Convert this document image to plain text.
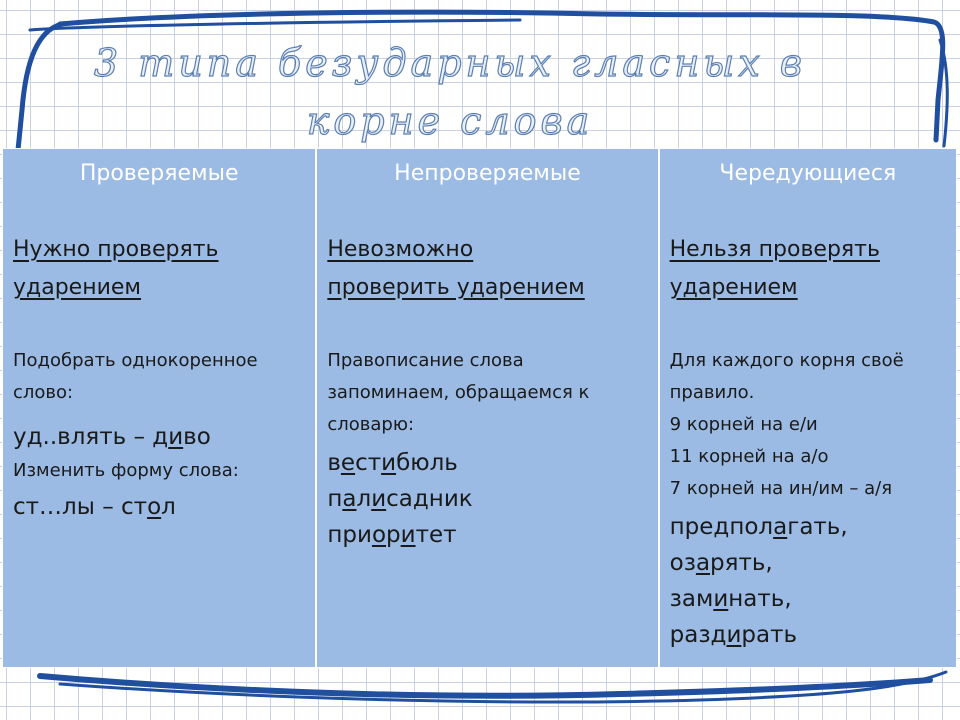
3 типа безударных гласных в
корне слова
Проверяемые
Нужно проверять
ударением
Подобрать однокоренное
слово:
уд..влять – диво
Изменить форму слова:
ст…лы – стол
Непроверяемые
Невозможно
проверить ударением
Правописание слова
запоминаем, обращаемся к
словарю:
вестибюль
палисадник
приоритет
Чередующиеся
Нельзя проверять
ударением
Для каждого корня своё
правило.
9 корней на е/и
11 корней на а/о
7 корней на ин/им – а/я
предполагать,
озарять,
заминать,
раздирать
